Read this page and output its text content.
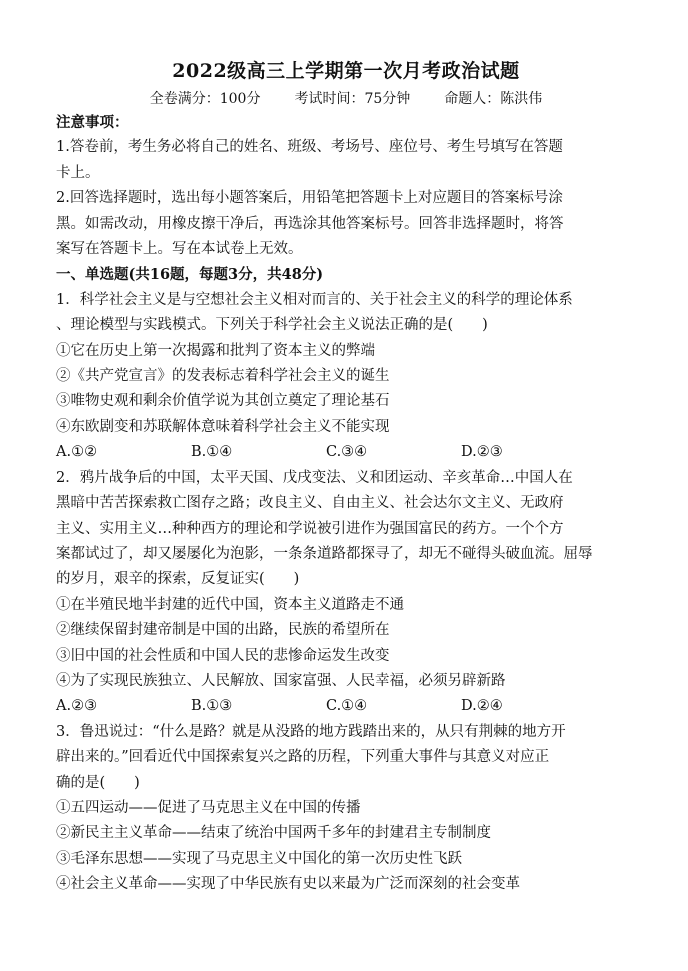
2022级高三上学期第一次月考政治试题
全卷满分：100分 考试时间：75分钟 命题人：陈洪伟

注意事项：

1.答卷前，考生务必将自己的姓名、班级、考场号、座位号、考生号填写在答题

卡上。

2.回答选择题时，选出每小题答案后，用铅笔把答题卡上对应题目的答案标号涂

黑。如需改动，用橡皮擦干净后，再选涂其他答案标号。回答非选择题时，将答

案写在答题卡上。写在本试卷上无效。

一、单选题(共16题，每题3分，共48分)

1．科学社会主义是与空想社会主义相对而言的、关于社会主义的科学的理论体系

、理论模型与实践模式。下列关于科学社会主义说法正确的是(　　)

①它在历史上第一次揭露和批判了资本主义的弊端

②《共产党宣言》的发表标志着科学社会主义的诞生

③唯物史观和剩余价值学说为其创立奠定了理论基石

④东欧剧变和苏联解体意味着科学社会主义不能实现

A.①②	B.①④	C.③④	D.②③

2．鸦片战争后的中国，太平天国、戊戌变法、义和团运动、辛亥革命…中国人在

黑暗中苦苦探索救亡图存之路；改良主义、自由主义、社会达尔文主义、无政府

主义、实用主义…种种西方的理论和学说被引进作为强国富民的药方。一个个方

案都试过了，却又屡屡化为泡影，一条条道路都探寻了，却无不碰得头破血流。屈辱

的岁月，艰辛的探索，反复证实(　　)

①在半殖民地半封建的近代中国，资本主义道路走不通

②继续保留封建帝制是中国的出路，民族的希望所在

③旧中国的社会性质和中国人民的悲惨命运发生改变

④为了实现民族独立、人民解放、国家富强、人民幸福，必须另辟新路

A.②③	B.①③	C.①④	D.②④

3．鲁迅说过：“什么是路？就是从没路的地方践踏出来的，从只有荆棘的地方开

辟出来的。”回看近代中国探索复兴之路的历程，下列重大事件与其意义对应正

确的是(　　)

①五四运动——促进了马克思主义在中国的传播

②新民主主义革命——结束了统治中国两千多年的封建君主专制制度

③毛泽东思想——实现了马克思主义中国化的第一次历史性飞跃

④社会主义革命——实现了中华民族有史以来最为广泛而深刻的社会变革
